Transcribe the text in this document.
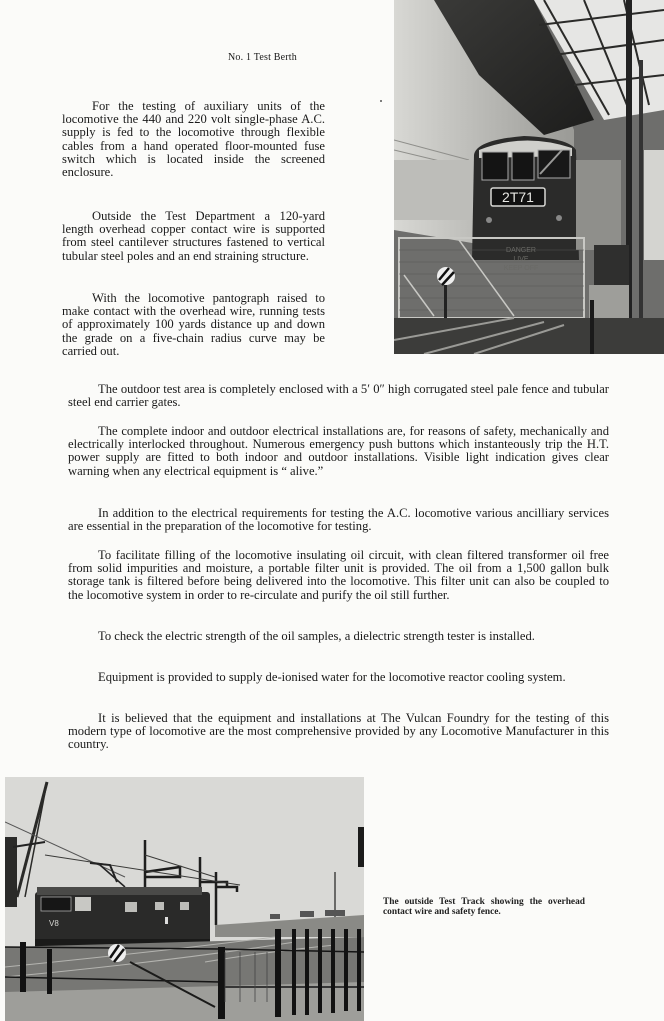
No. 1 Test Berth

For the testing of auxiliary units of the locomotive the 440 and 220 volt single-phase A.C. supply is fed to the locomotive through flexible cables from a hand operated floor-mounted fuse switch which is located inside the screened enclosure.

Outside the Test Department a 120-yard length overhead copper contact wire is supported from steel cantilever structures fastened to vertical tubular steel poles and an end straining structure.

With the locomotive pantograph raised to make contact with the overhead wire, running tests of approximately 100 yards distance up and down the grade on a five-chain radius curve may be carried out.

The outdoor test area is completely enclosed with a 5′ 0″ high corrugated steel pale fence and tubular steel end carrier gates.

The complete indoor and outdoor electrical installations are, for reasons of safety, mechanically and electrically interlocked throughout. Numerous emergency push buttons which instanteously trip the H.T. power supply are fitted to both indoor and outdoor installations. Visible light indication gives clear warning when any electrical equipment is “ alive.”

In addition to the electrical requirements for testing the A.C. locomotive various ancilliary services are essential in the preparation of the locomotive for testing.

To facilitate filling of the locomotive insulating oil circuit, with clean filtered transformer oil free from solid impurities and moisture, a portable filter unit is provided. The oil from a 1,500 gallon bulk storage tank is filtered before being delivered into the locomotive. This filter unit can also be coupled to the locomotive system in order to re-circulate and purify the oil still further.

To check the electric strength of the oil samples, a dielectric strength tester is installed.

Equipment is provided to supply de-ionised water for the locomotive reactor cooling system.

It is believed that the equipment and installations at The Vulcan Foundry for the testing of this modern type of locomotive are the most comprehensive provided by any Locomotive Manufacturer in this country.

2T71
DANGER
LIVE
KEEP OFF
V8
The outside Test Track showing the overhead contact wire and safety fence.
